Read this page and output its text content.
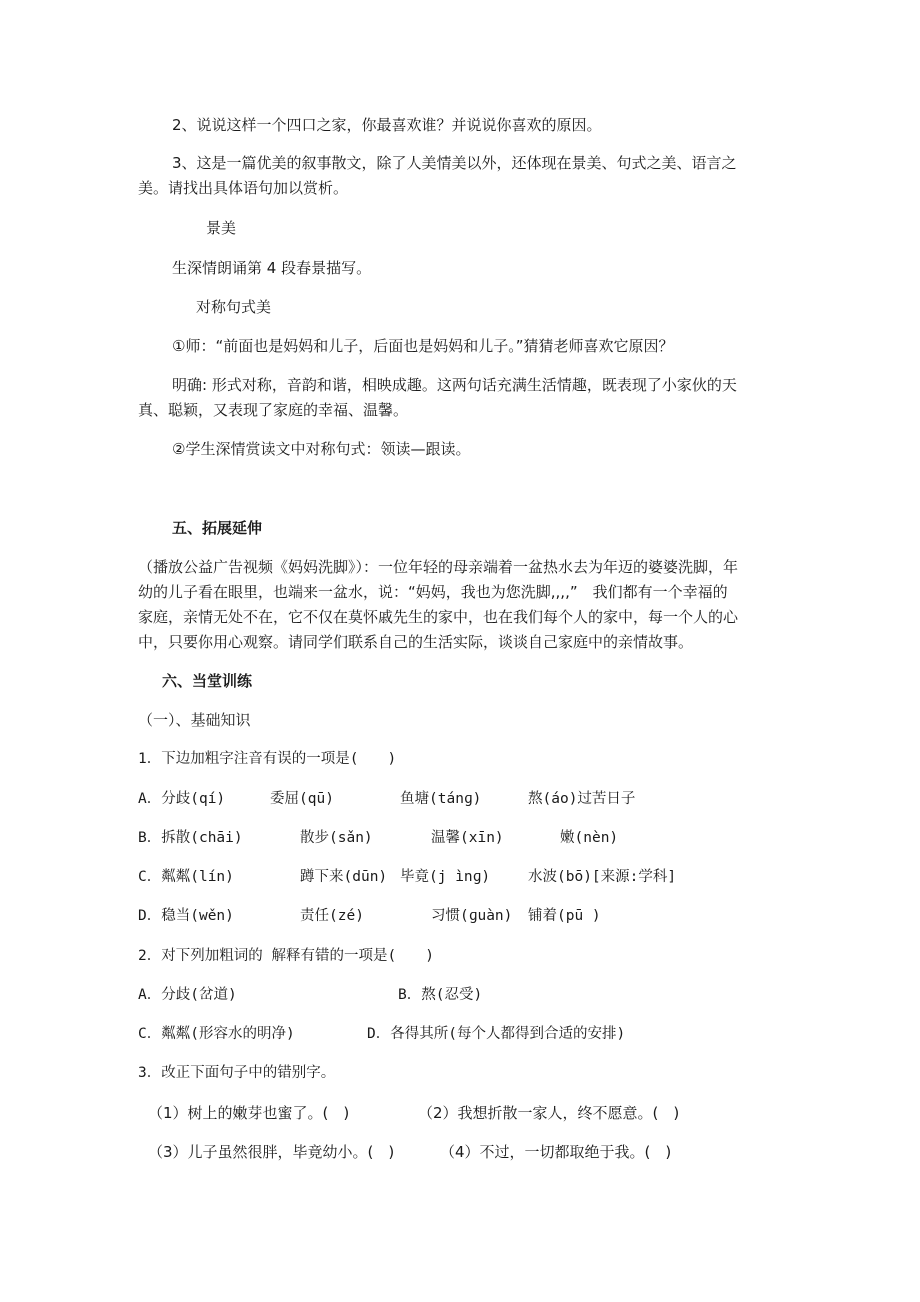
2、说说这样一个四口之家，你最喜欢谁？并说说你喜欢的原因。
3、这是一篇优美的叙事散文，除了人美情美以外，还体现在景美、句式之美、语言之
美。请找出具体语句加以赏析。
景美
生深情朗诵第 4 段春景描写。
对称句式美
①师：“前面也是妈妈和儿子，后面也是妈妈和儿子。”猜猜老师喜欢它原因？
明确: 形式对称，音韵和谐，相映成趣。这两句话充满生活情趣，既表现了小家伙的天
真、聪颖，又表现了家庭的幸福、温馨。
②学生深情赏读文中对称句式：领读—跟读。
五、拓展延伸
（播放公益广告视频《妈妈洗脚》）：一位年轻的母亲端着一盆热水去为年迈的婆婆洗脚，年
幼的儿子看在眼里，也端来一盆水，说：“妈妈，我也为您洗脚,,,,”　我们都有一个幸福的
家庭，亲情无处不在，它不仅在莫怀戚先生的家中，也在我们每个人的家中，每一个人的心
中，只要你用心观察。请同学们联系自己的生活实际，谈谈自己家庭中的亲情故事。
六、当堂训练
（一）、基础知识
1．下边加粗字注音有误的一项是(　　)
A．分歧(qí)	委屈(qū)	鱼塘(tánɡ)	熬(áo)过苦日子
B．拆散(chāi)	散步(sǎn)	温馨(xīn)	嫩(nèn)
C．粼粼(lín)	蹲下来(dūn) 毕竟(j ìnɡ)	水波(bō)[来源:学科]
D．稳当(wěn)	责任(zé)	习惯(ɡuàn) 铺着(pū )
2．对下列加粗词的 解释有错的一项是(　　)
A．分歧(岔道)	B．熬(忍受)
C．粼粼(形容水的明净)	D．各得其所(每个人都得到合适的安排)
3．改正下面句子中的错别字。
（1）树上的嫩芽也蜜了。(　)	（2）我想折散一家人，终不愿意。(　)
（3）儿子虽然很胖，毕竟幼小。(　)	（4）不过，一切都取绝于我。(　)
